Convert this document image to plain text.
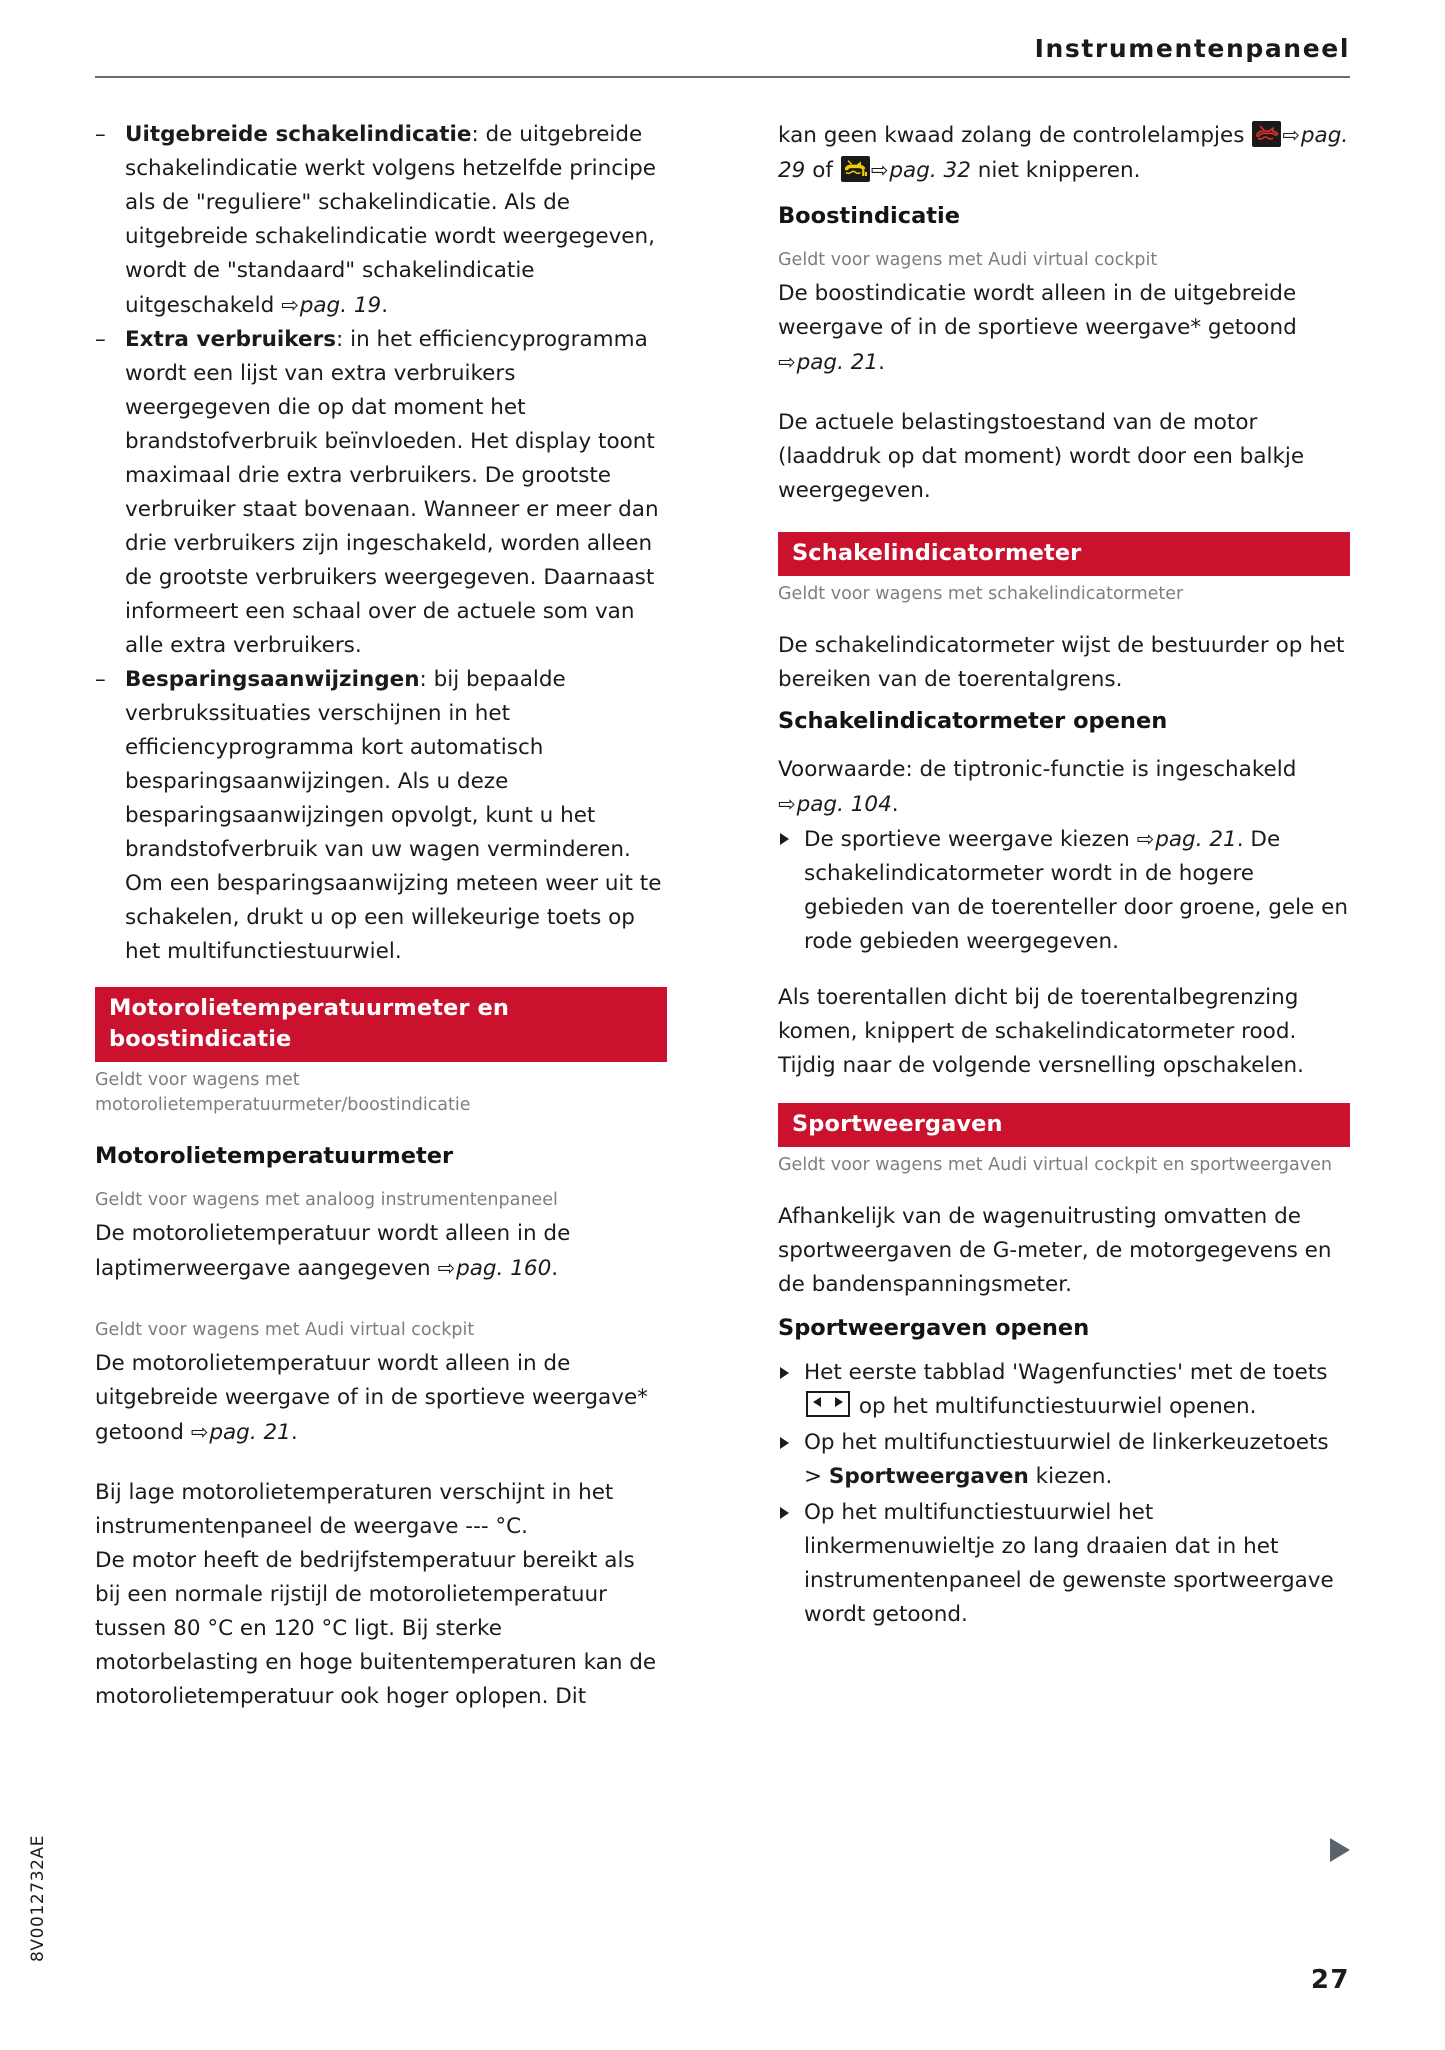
Instrumentenpaneel
– Uitgebreide schakelindicatie: de uitgebreide schakelindicatie werkt volgens hetzelfde principe als de "reguliere" schakelindicatie. Als de uitgebreide schakelindicatie wordt weergegeven, wordt de "standaard" schakelindicatie uitgeschakeld ⇨pag. 19.
– Extra verbruikers: in het efficiencyprogramma wordt een lijst van extra verbruikers weergegeven die op dat moment het brandstofverbruik beïnvloeden. Het display toont maximaal drie extra verbruikers. De grootste verbruiker staat bovenaan. Wanneer er meer dan drie verbruikers zijn ingeschakeld, worden alleen de grootste verbruikers weergegeven. Daarnaast informeert een schaal over de actuele som van alle extra verbruikers.
– Besparingsaanwijzingen: bij bepaalde verbrukssituaties verschijnen in het efficiencyprogramma kort automatisch besparingsaanwijzingen. Als u deze besparingsaanwijzingen opvolgt, kunt u het brandstofverbruik van uw wagen verminderen. Om een besparingsaanwijzing meteen weer uit te schakelen, drukt u op een willekeurige toets op het multifunctiestuurwiel.
Motorolietemperatuurmeter en boostindicatie
Geldt voor wagens met motorolietemperatuurmeter/boostindicatie
Motorolietemperatuurmeter
Geldt voor wagens met analoog instrumentenpaneel
De motorolietemperatuur wordt alleen in de laptimerweergave aangegeven ⇨pag. 160.
Geldt voor wagens met Audi virtual cockpit
De motorolietemperatuur wordt alleen in de uitgebreide weergave of in de sportieve weergave* getoond ⇨pag. 21.
Bij lage motorolietemperaturen verschijnt in het instrumentenpaneel de weergave --- °C.
De motor heeft de bedrijfstemperatuur bereikt als bij een normale rijstijl de motorolietemperatuur tussen 80 °C en 120 °C ligt. Bij sterke motorbelasting en hoge buitentemperaturen kan de motorolietemperatuur ook hoger oplopen. Dit
kan geen kwaad zolang de controlelampjes
⇨pag. 29 of
⇨pag. 32 niet knipperen.
Boostindicatie
Geldt voor wagens met Audi virtual cockpit
De boostindicatie wordt alleen in de uitgebreide weergave of in de sportieve weergave* getoond ⇨pag. 21.
De actuele belastingstoestand van de motor (laaddruk op dat moment) wordt door een balkje weergegeven.
Schakelindicatormeter
Geldt voor wagens met schakelindicatormeter
De schakelindicatormeter wijst de bestuurder op het bereiken van de toerentalgrens.
Schakelindicatormeter openen
Voorwaarde: de tiptronic-functie is ingeschakeld ⇨pag. 104.
De sportieve weergave kiezen ⇨pag. 21. De schakelindicatormeter wordt in de hogere gebieden van de toerenteller door groene, gele en rode gebieden weergegeven.
Als toerentallen dicht bij de toerentalbegrenzing komen, knippert de schakelindicatormeter rood. Tijdig naar de volgende versnelling opschakelen.
Sportweergaven
Geldt voor wagens met Audi virtual cockpit en sportweergaven
Afhankelijk van de wagenuitrusting omvatten de sportweergaven de G-meter, de motorgegevens en de bandenspanningsmeter.
Sportweergaven openen
Het eerste tabblad 'Wagenfuncties' met de toets
op het multifunctiestuurwiel openen.
Op het multifunctiestuurwiel de linkerkeuzetoets > Sportweergaven kiezen.
Op het multifunctiestuurwiel het linkermenuwieltje zo lang draaien dat in het instrumentenpaneel de gewenste sportweergave wordt getoond.
8V0012732AE
27
